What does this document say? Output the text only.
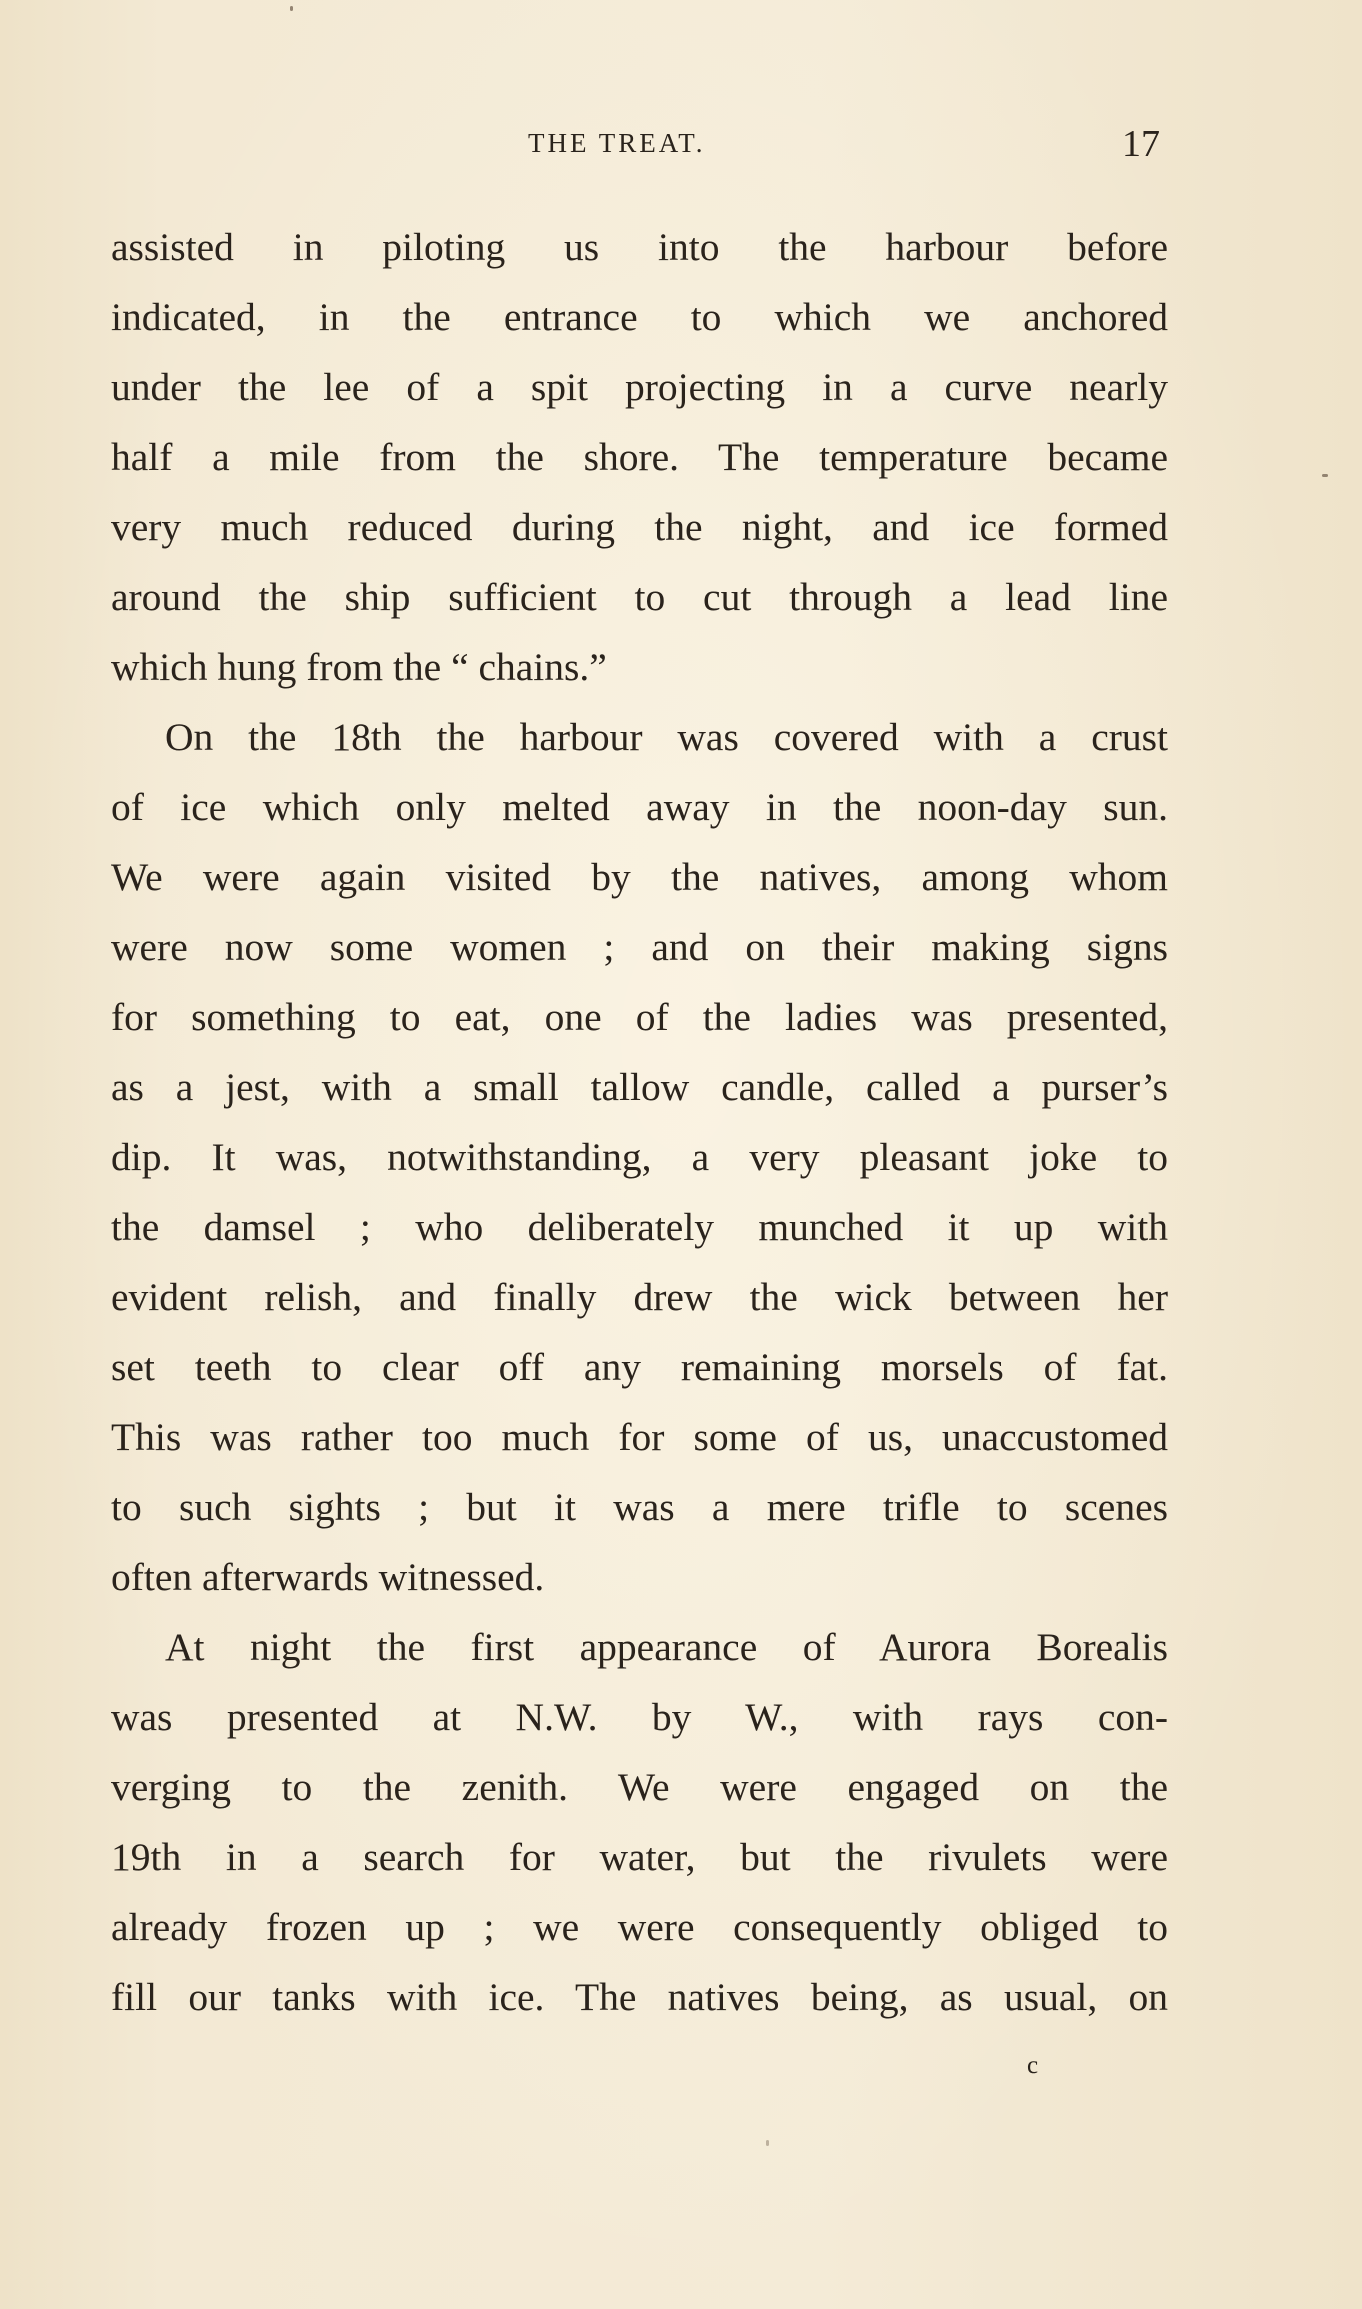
THE TREAT.	17
assisted in piloting us into the harbour before
indicated, in the entrance to which we anchored
under the lee of a spit projecting in a curve nearly
half a mile from the shore. The temperature became
very much reduced during the night, and ice formed
around the ship sufficient to cut through a lead line
which hung from the “ chains.”
On the 18th the harbour was covered with a crust
of ice which only melted away in the noon-day sun.
We were again visited by the natives, among whom
were now some women ; and on their making signs
for something to eat, one of the ladies was presented,
as a jest, with a small tallow candle, called a purser’s
dip. It was, notwithstanding, a very pleasant joke to
the damsel ; who deliberately munched it up with
evident relish, and finally drew the wick between her
set teeth to clear off any remaining morsels of fat.
This was rather too much for some of us, unaccustomed
to such sights ; but it was a mere trifle to scenes
often afterwards witnessed.
At night the first appearance of Aurora Borealis
was presented at N.W. by W., with rays con-
verging to the zenith. We were engaged on the
19th in a search for water, but the rivulets were
already frozen up ; we were consequently obliged to
fill our tanks with ice. The natives being, as usual, on
c
